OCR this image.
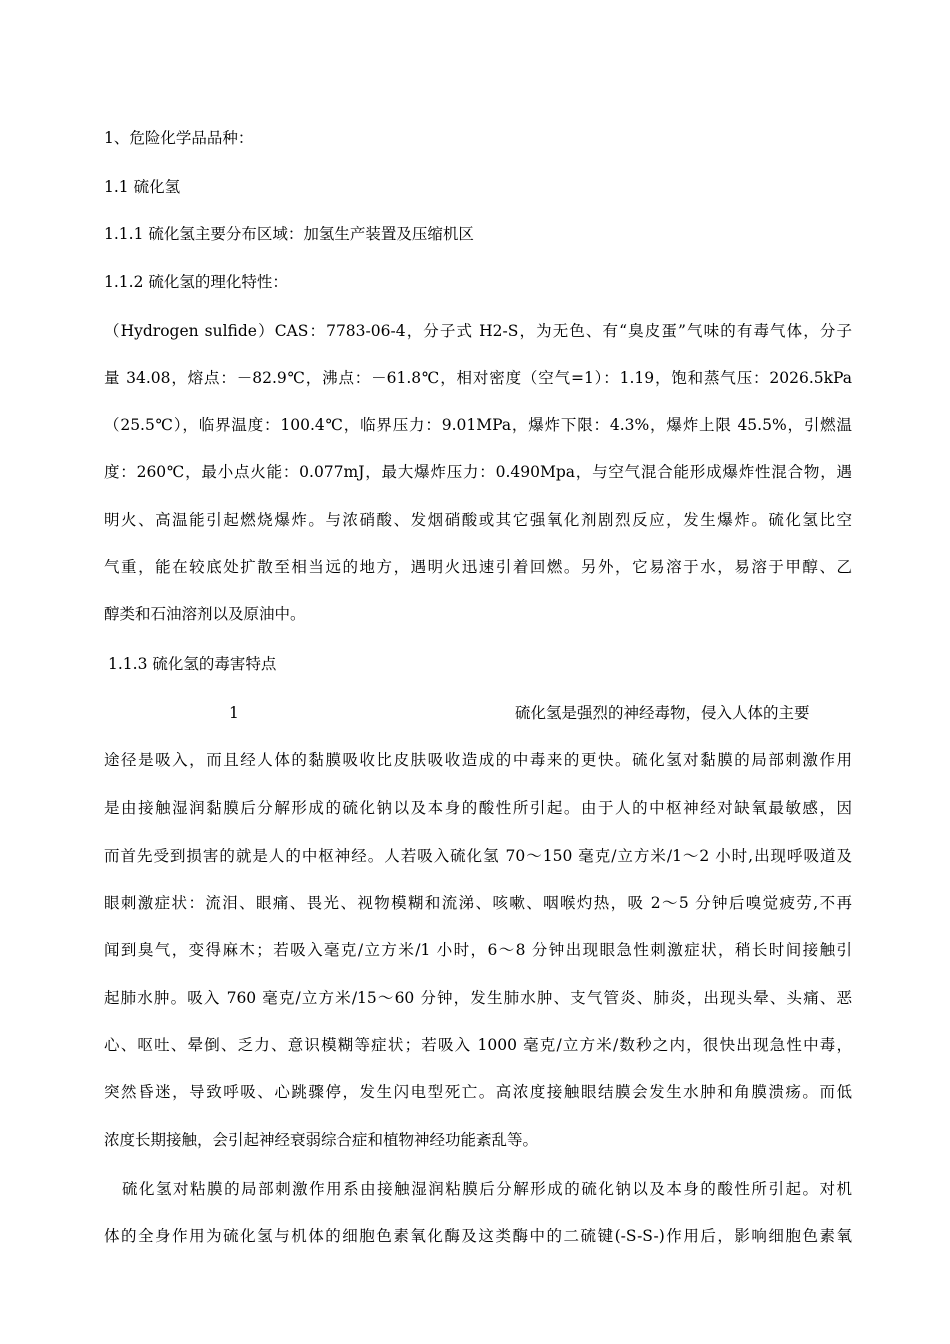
1、危险化学品品种：
1.1 硫化氢
1.1.1 硫化氢主要分布区域：加氢生产装置及压缩机区
1.1.2 硫化氢的理化特性：
（Hydrogen sulfide）CAS：7783-06-4，分子式 H2-S，为无色、有“臭皮蛋”气味的有毒气体，分子
量 34.08，熔点：－82.9℃，沸点：－61.8℃，相对密度（空气=1）：1.19，饱和蒸气压：2026.5kPa
（25.5℃），临界温度：100.4℃，临界压力：9.01MPa，爆炸下限：4.3%，爆炸上限 45.5%，引燃温
度：260℃，最小点火能：0.077mJ，最大爆炸压力：0.490Mpa，与空气混合能形成爆炸性混合物，遇
明火、高温能引起燃烧爆炸。与浓硝酸、发烟硝酸或其它强氧化剂剧烈反应，发生爆炸。硫化氢比空
气重，能在较底处扩散至相当远的地方，遇明火迅速引着回燃。另外，它易溶于水，易溶于甲醇、乙
醇类和石油溶剂以及原油中。
1.1.3 硫化氢的毒害特点
1	硫化氢是强烈的神经毒物，侵入人体的主要
途径是吸入，而且经人体的黏膜吸收比皮肤吸收造成的中毒来的更快。硫化氢对黏膜的局部刺激作用
是由接触湿润黏膜后分解形成的硫化钠以及本身的酸性所引起。由于人的中枢神经对缺氧最敏感，因
而首先受到损害的就是人的中枢神经。人若吸入硫化氢 70～150 毫克/立方米/1～2 小时,出现呼吸道及
眼刺激症状：流泪、眼痛、畏光、视物模糊和流涕、咳嗽、咽喉灼热，吸 2～5 分钟后嗅觉疲劳,不再
闻到臭气，变得麻木；若吸入毫克/立方米/1 小时，6～8 分钟出现眼急性刺激症状，稍长时间接触引
起肺水肿。吸入 760 毫克/立方米/15～60 分钟，发生肺水肿、支气管炎、肺炎，出现头晕、头痛、恶
心、呕吐、晕倒、乏力、意识模糊等症状；若吸入 1000 毫克/立方米/数秒之内，很快出现急性中毒，
突然昏迷，导致呼吸、心跳骤停，发生闪电型死亡。高浓度接触眼结膜会发生水肿和角膜溃疡。而低
浓度长期接触，会引起神经衰弱综合症和植物神经功能紊乱等。
硫化氢对粘膜的局部刺激作用系由接触湿润粘膜后分解形成的硫化钠以及本身的酸性所引起。对机
体的全身作用为硫化氢与机体的细胞色素氧化酶及这类酶中的二硫键(-S-S-)作用后，影响细胞色素氧
